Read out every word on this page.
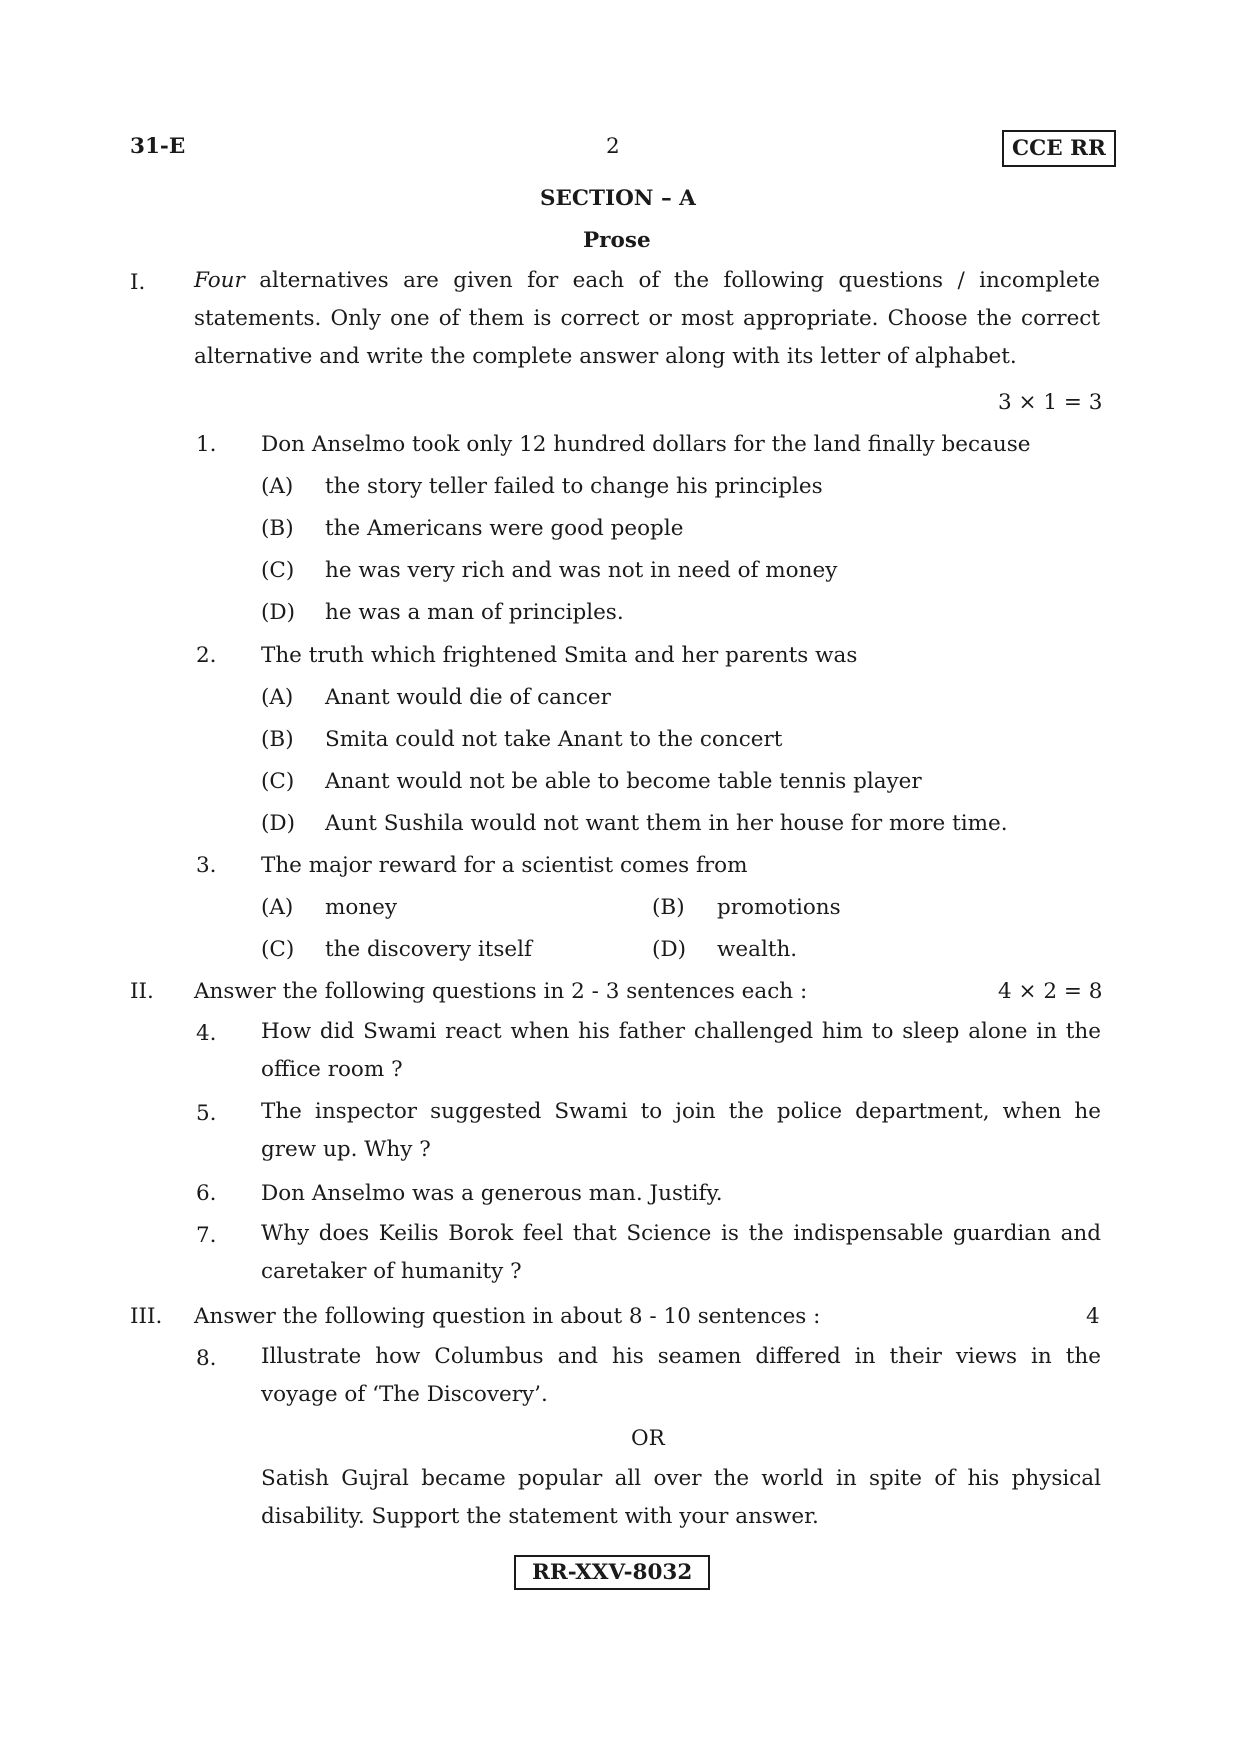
31-E	2	CCE RR
SECTION – A
Prose
I. Four alternatives are given for each of the following questions / incomplete statements. Only one of them is correct or most appropriate. Choose the correct alternative and write the complete answer along with its letter of alphabet.
3 × 1 = 3
1. Don Anselmo took only 12 hundred dollars for the land finally because
(A) the story teller failed to change his principles
(B) the Americans were good people
(C) he was very rich and was not in need of money
(D) he was a man of principles.
2. The truth which frightened Smita and her parents was
(A) Anant would die of cancer
(B) Smita could not take Anant to the concert
(C) Anant would not be able to become table tennis player
(D) Aunt Sushila would not want them in her house for more time.
3. The major reward for a scientist comes from
(A) money	(B) promotions
(C) the discovery itself	(D) wealth.
II. Answer the following questions in 2 - 3 sentences each :	4 × 2 = 8
4. How did Swami react when his father challenged him to sleep alone in the office room ?
5. The inspector suggested Swami to join the police department, when he grew up. Why ?
6. Don Anselmo was a generous man. Justify.
7. Why does Keilis Borok feel that Science is the indispensable guardian and caretaker of humanity ?
III. Answer the following question in about 8 - 10 sentences :	4
8. Illustrate how Columbus and his seamen differed in their views in the voyage of ‘The Discovery’.
OR
Satish Gujral became popular all over the world in spite of his physical disability. Support the statement with your answer.
RR-XXV-8032
